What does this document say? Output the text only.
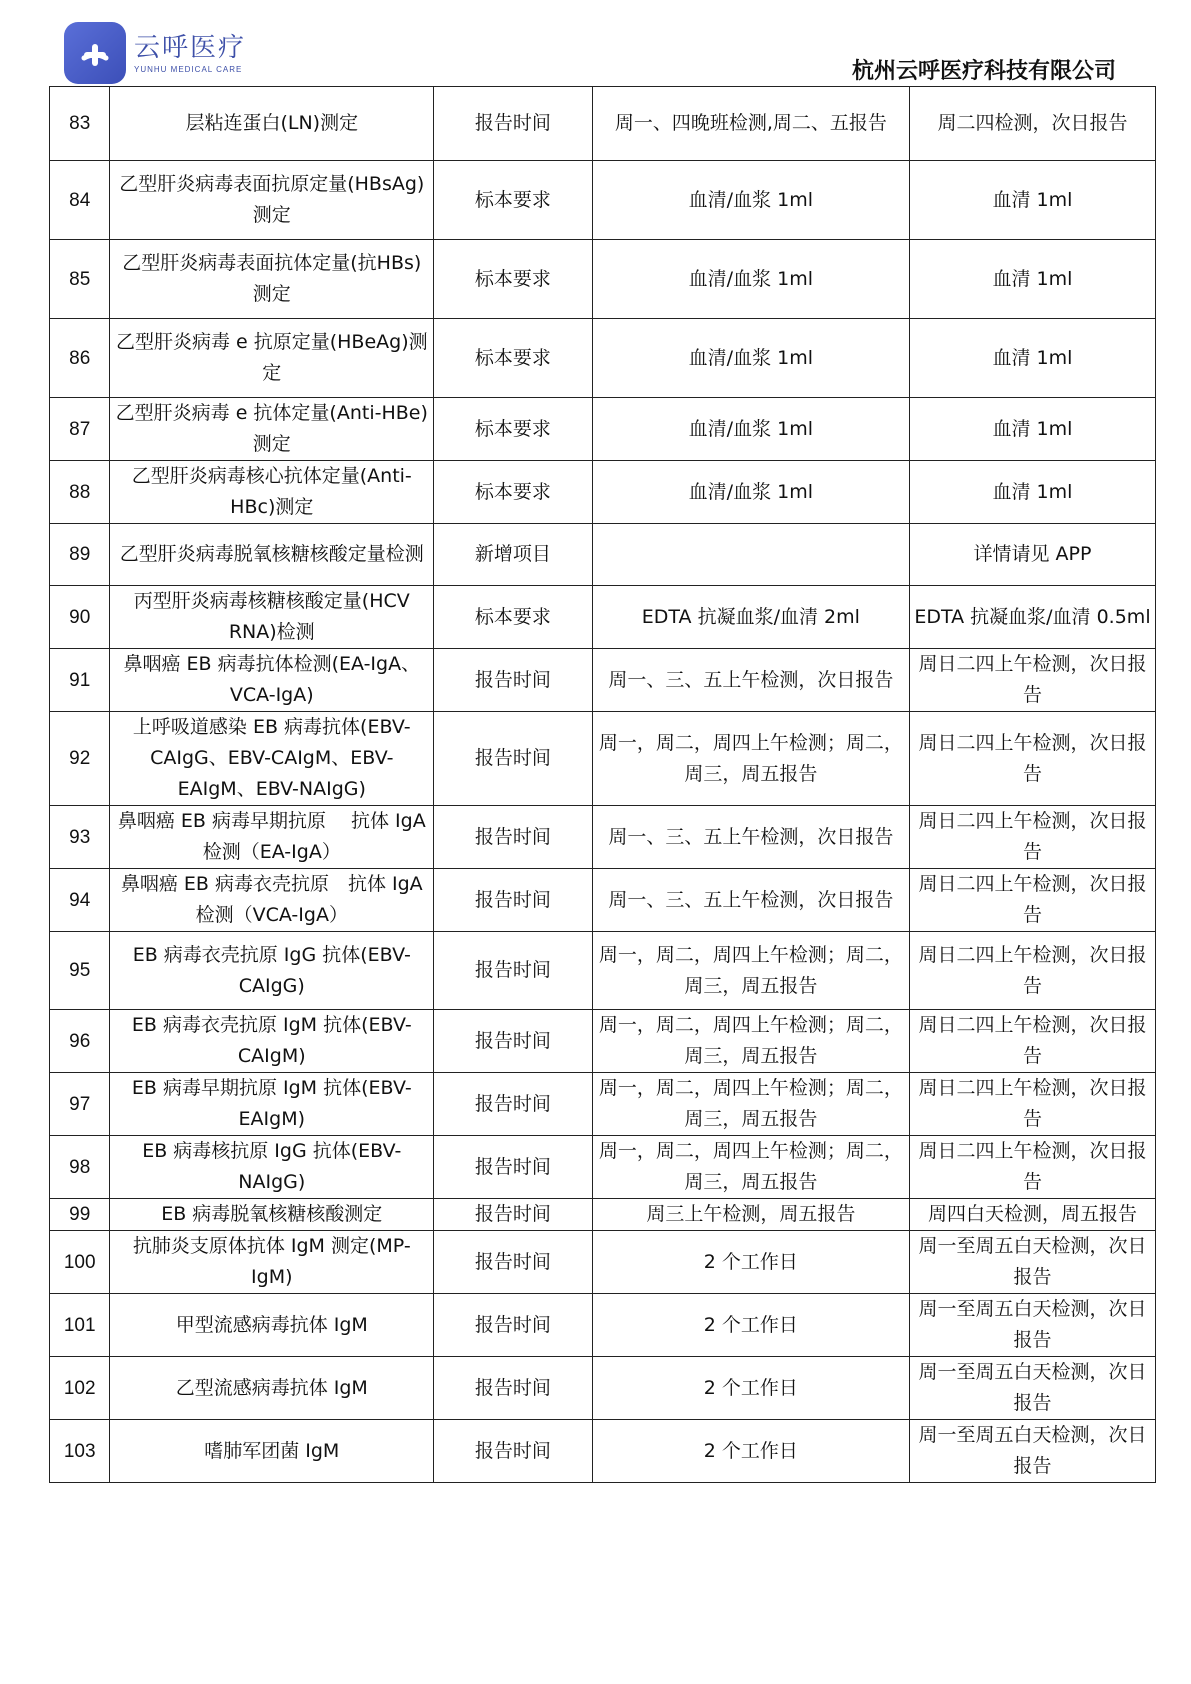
云呼医疗
YUNHU MEDICAL CARE	杭州云呼医疗科技有限公司
83	层粘连蛋白(LN)测定	报告时间	周一、四晚班检测,周二、五报告	周二四检测，次日报告
84	乙型肝炎病毒表面抗原定量(HBsAg)测定	标本要求	血清/血浆 1ml	血清 1ml
85	乙型肝炎病毒表面抗体定量(抗HBs)测定	标本要求	血清/血浆 1ml	血清 1ml
86	乙型肝炎病毒 e 抗原定量(HBeAg)测定	标本要求	血清/血浆 1ml	血清 1ml
87	乙型肝炎病毒 e 抗体定量(Anti-HBe)测定	标本要求	血清/血浆 1ml	血清 1ml
88	乙型肝炎病毒核心抗体定量(Anti-HBc)测定	标本要求	血清/血浆 1ml	血清 1ml
89	乙型肝炎病毒脱氧核糖核酸定量检测	新增项目		详情请见 APP
90	丙型肝炎病毒核糖核酸定量(HCV RNA)检测	标本要求	EDTA 抗凝血浆/血清 2ml	EDTA 抗凝血浆/血清 0.5ml
91	鼻咽癌 EB 病毒抗体检测(EA-IgA、VCA-IgA)	报告时间	周一、三、五上午检测，次日报告	周日二四上午检测，次日报告
92	上呼吸道感染 EB 病毒抗体(EBV-CAIgG、EBV-CAIgM、EBV-EAIgM、EBV-NAIgG)	报告时间	周一，周二，周四上午检测；周二，周三，周五报告	周日二四上午检测，次日报告
93	鼻咽癌 EB 病毒早期抗原　 抗体 IgA 检测（EA-IgA）	报告时间	周一、三、五上午检测，次日报告	周日二四上午检测，次日报告
94	鼻咽癌 EB 病毒衣壳抗原　抗体 IgA 检测（VCA-IgA）	报告时间	周一、三、五上午检测，次日报告	周日二四上午检测，次日报告
95	EB 病毒衣壳抗原 IgG 抗体(EBV-CAIgG)	报告时间	周一，周二，周四上午检测；周二，周三，周五报告	周日二四上午检测，次日报告
96	EB 病毒衣壳抗原 IgM 抗体(EBV-CAIgM)	报告时间	周一，周二，周四上午检测；周二，周三，周五报告	周日二四上午检测，次日报告
97	EB 病毒早期抗原 IgM 抗体(EBV-EAIgM)	报告时间	周一，周二，周四上午检测；周二，周三，周五报告	周日二四上午检测，次日报告
98	EB 病毒核抗原 IgG 抗体(EBV-NAIgG)	报告时间	周一，周二，周四上午检测；周二，周三，周五报告	周日二四上午检测，次日报告
99	EB 病毒脱氧核糖核酸测定	报告时间	周三上午检测，周五报告	周四白天检测，周五报告
100	抗肺炎支原体抗体 IgM 测定(MP-IgM)	报告时间	2 个工作日	周一至周五白天检测，次日报告
101	甲型流感病毒抗体 IgM	报告时间	2 个工作日	周一至周五白天检测，次日报告
102	乙型流感病毒抗体 IgM	报告时间	2 个工作日	周一至周五白天检测，次日报告
103	嗜肺军团菌 IgM	报告时间	2 个工作日	周一至周五白天检测，次日报告
